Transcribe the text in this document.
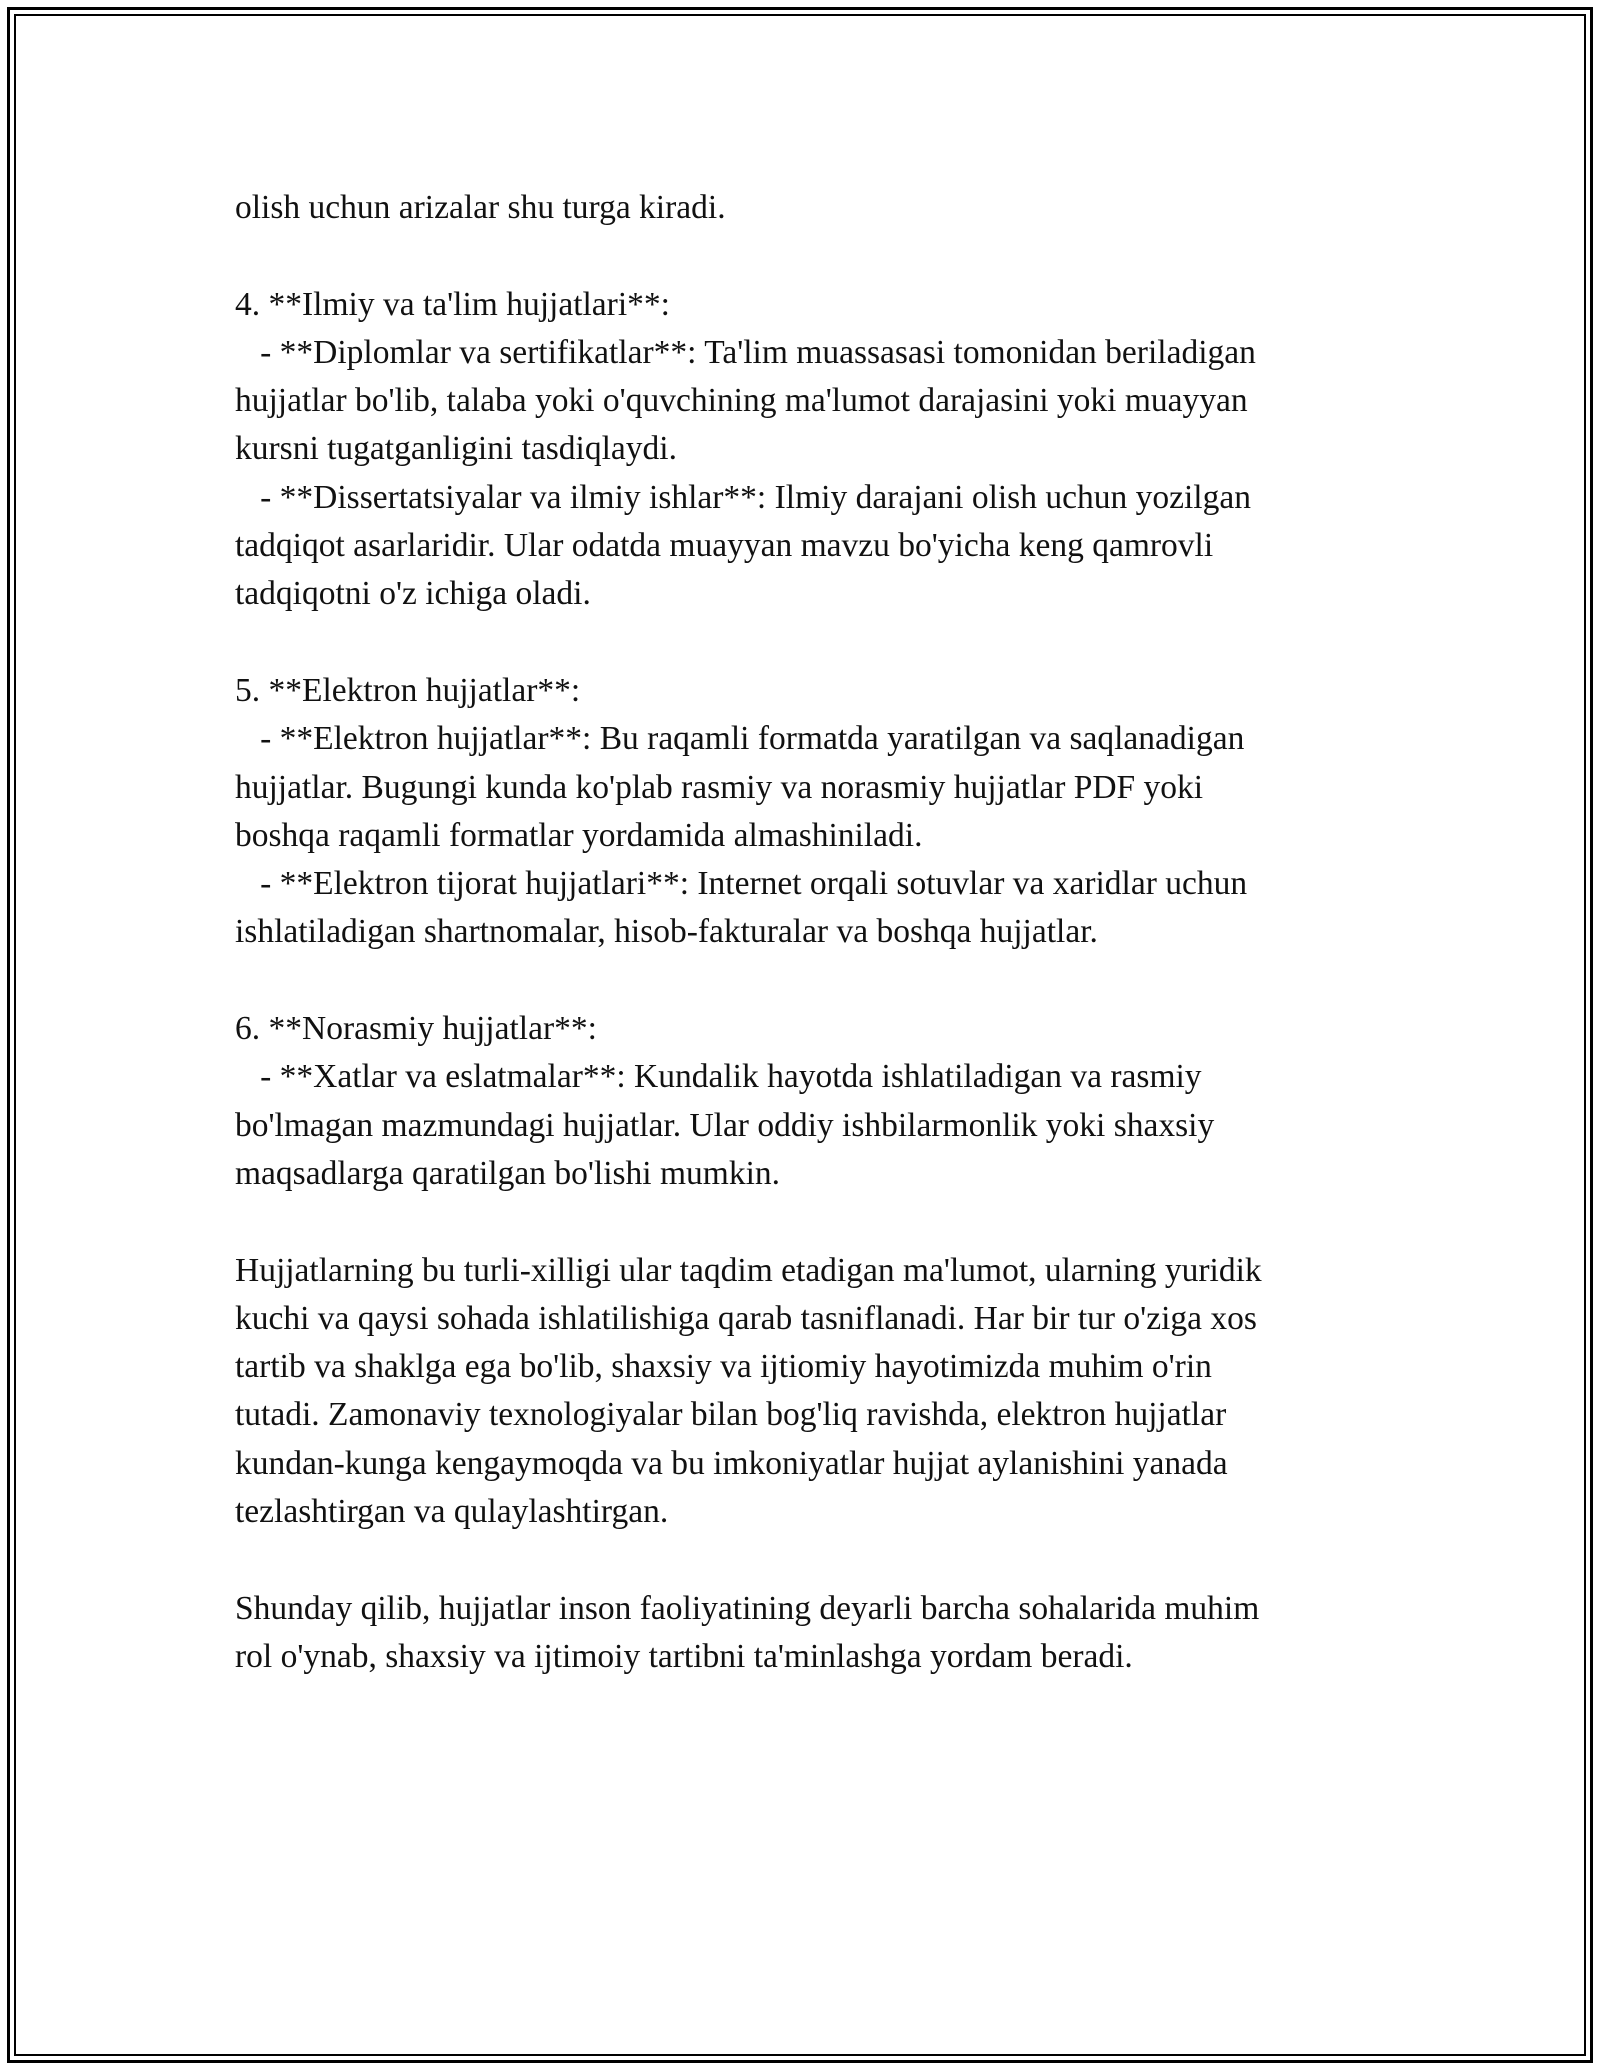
olish uchun arizalar shu turga kiradi.
4. **Ilmiy va ta'lim hujjatlari**:
- **Diplomlar va sertifikatlar**: Ta'lim muassasasi tomonidan beriladigan
hujjatlar bo'lib, talaba yoki o'quvchining ma'lumot darajasini yoki muayyan
kursni tugatganligini tasdiqlaydi.
- **Dissertatsiyalar va ilmiy ishlar**: Ilmiy darajani olish uchun yozilgan
tadqiqot asarlaridir. Ular odatda muayyan mavzu bo'yicha keng qamrovli
tadqiqotni o'z ichiga oladi.
5. **Elektron hujjatlar**:
- **Elektron hujjatlar**: Bu raqamli formatda yaratilgan va saqlanadigan
hujjatlar. Bugungi kunda ko'plab rasmiy va norasmiy hujjatlar PDF yoki
boshqa raqamli formatlar yordamida almashiniladi.
- **Elektron tijorat hujjatlari**: Internet orqali sotuvlar va xaridlar uchun
ishlatiladigan shartnomalar, hisob-fakturalar va boshqa hujjatlar.
6. **Norasmiy hujjatlar**:
- **Xatlar va eslatmalar**: Kundalik hayotda ishlatiladigan va rasmiy
bo'lmagan mazmundagi hujjatlar. Ular oddiy ishbilarmonlik yoki shaxsiy
maqsadlarga qaratilgan bo'lishi mumkin.
Hujjatlarning bu turli-xilligi ular taqdim etadigan ma'lumot, ularning yuridik
kuchi va qaysi sohada ishlatilishiga qarab tasniflanadi. Har bir tur o'ziga xos
tartib va shaklga ega bo'lib, shaxsiy va ijtiomiy hayotimizda muhim o'rin
tutadi. Zamonaviy texnologiyalar bilan bog'liq ravishda, elektron hujjatlar
kundan-kunga kengaymoqda va bu imkoniyatlar hujjat aylanishini yanada
tezlashtirgan va qulaylashtirgan.
Shunday qilib, hujjatlar inson faoliyatining deyarli barcha sohalarida muhim
rol o'ynab, shaxsiy va ijtimoiy tartibni ta'minlashga yordam beradi.
